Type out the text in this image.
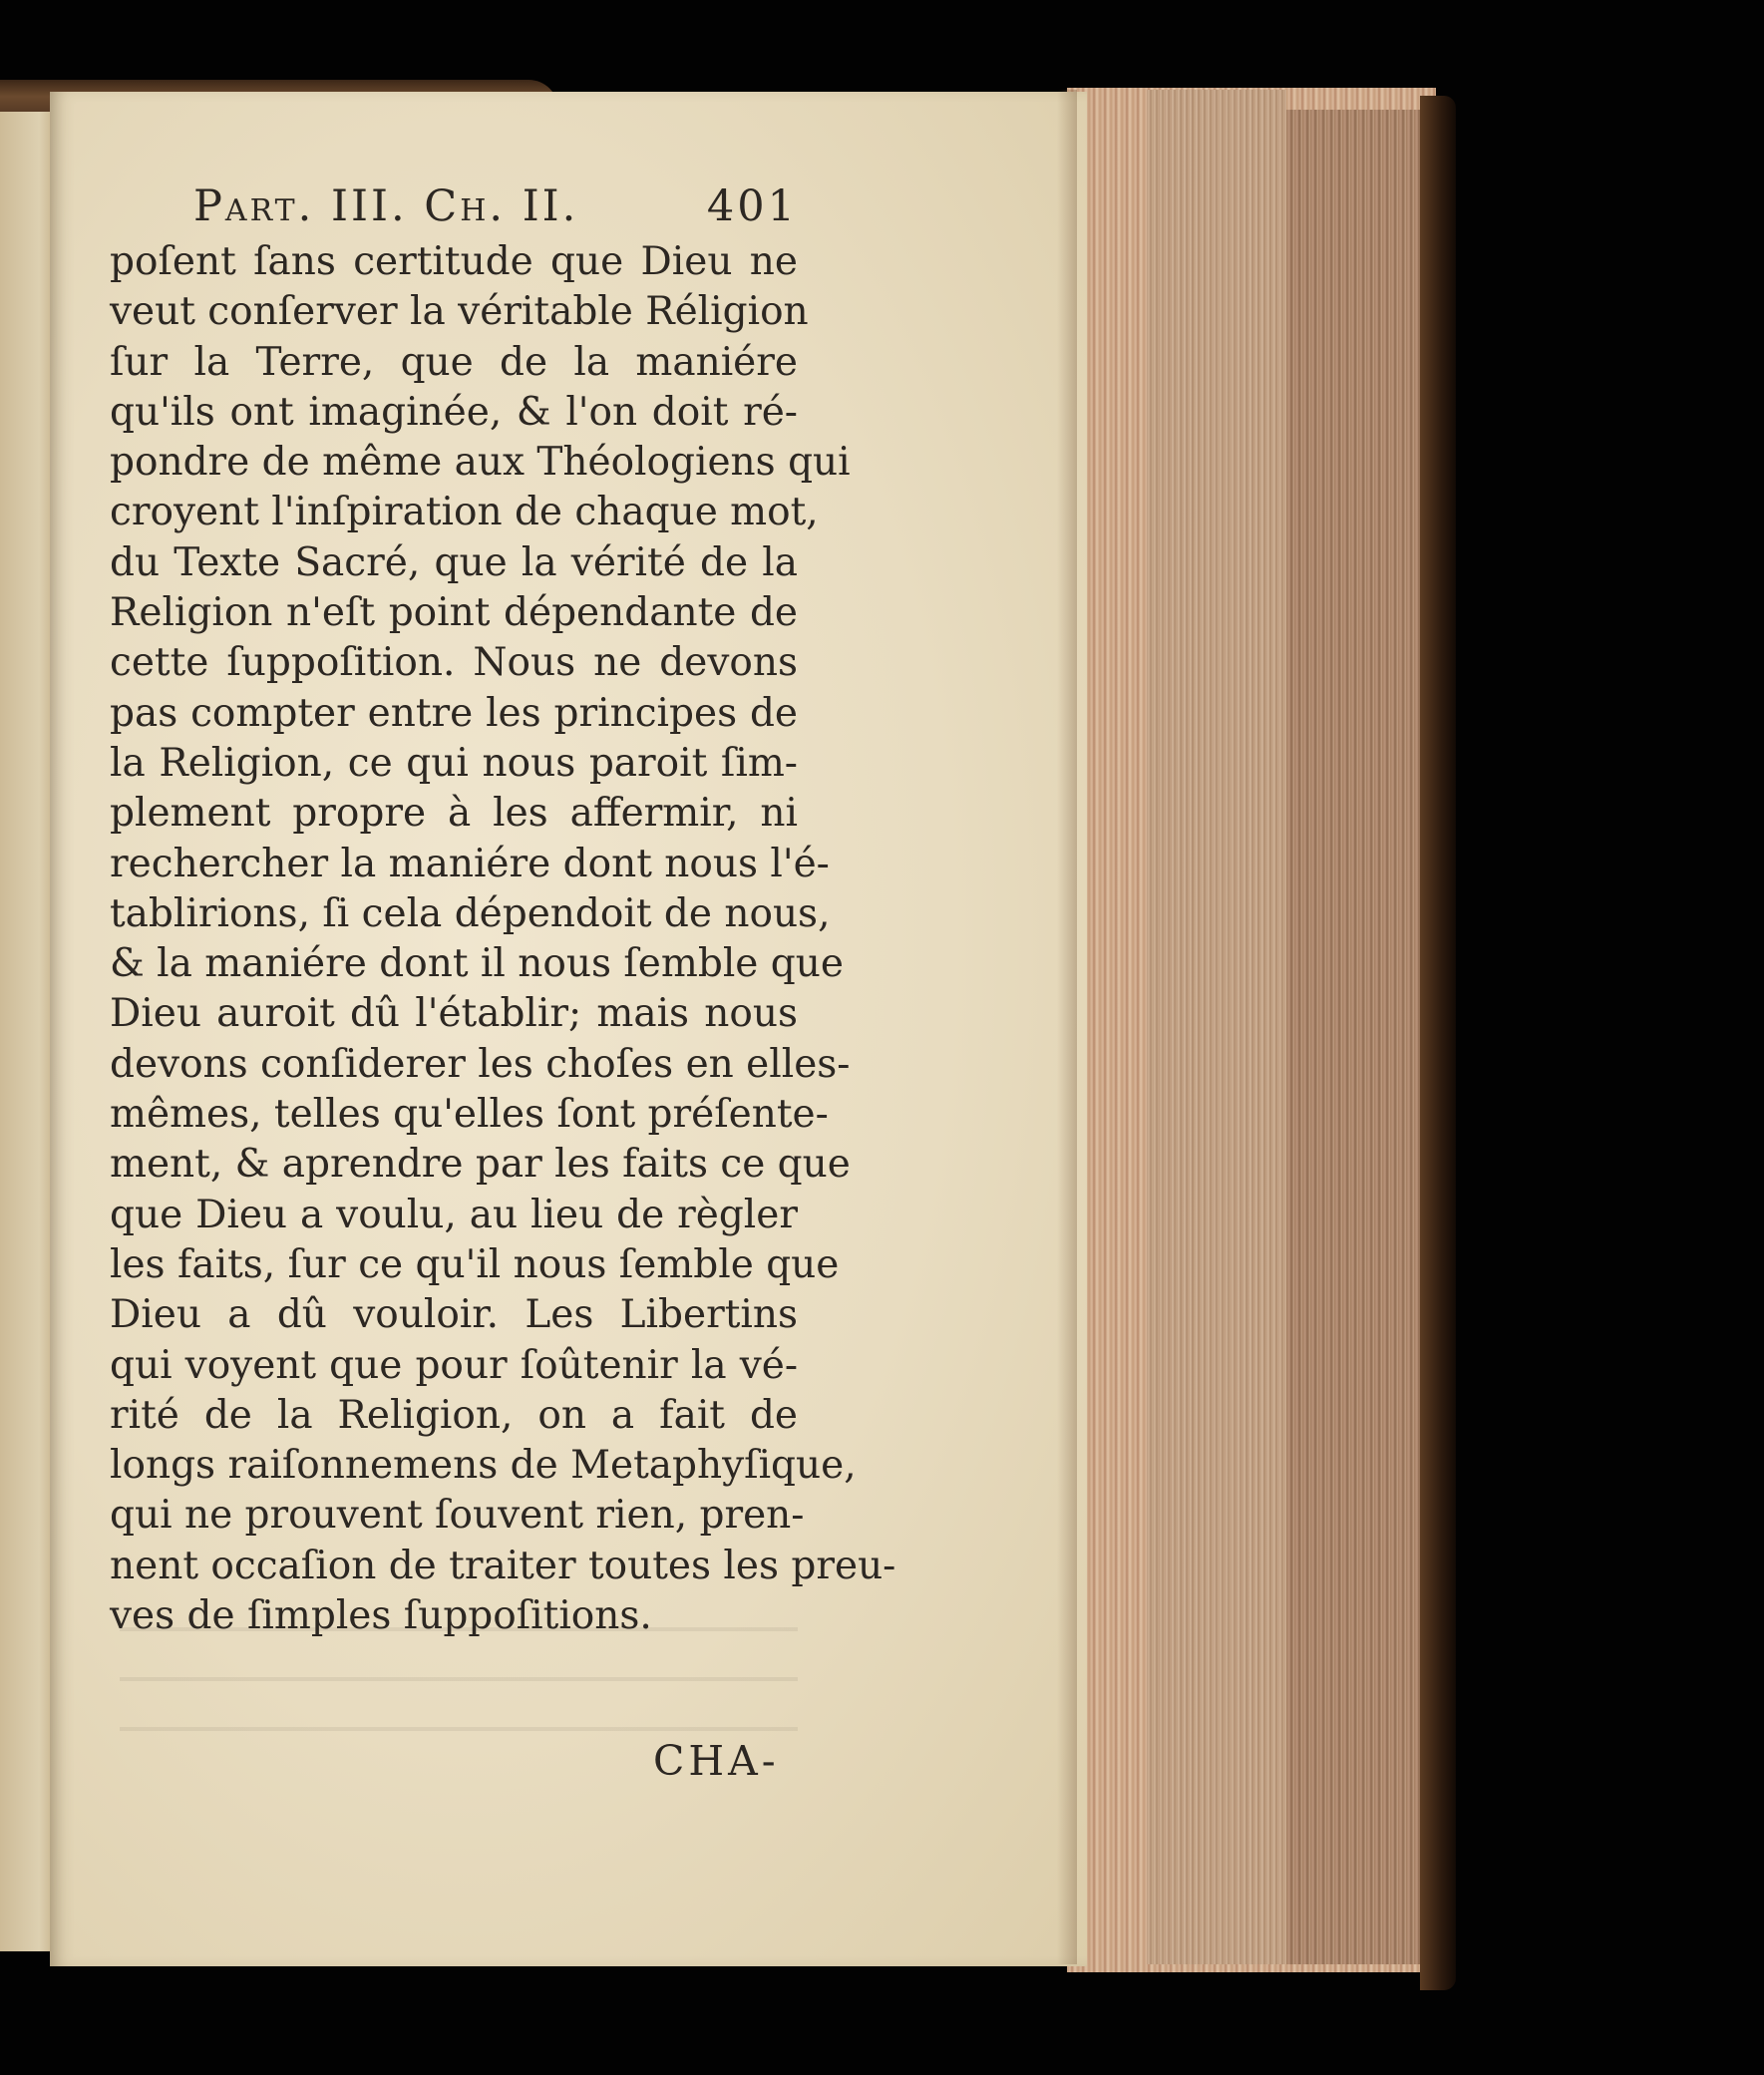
Part. III. Ch. II.	401
poſent ſans certitude que Dieu ne
veut conſerver la véritable Réligion
ſur la Terre, que de la maniére
qu'ils ont imaginée, & l'on doit ré-
pondre de même aux Théologiens qui
croyent l'inſpiration de chaque mot,
du Texte Sacré, que la vérité de la
Religion n'eſt point dépendante de
cette ſuppoſition. Nous ne devons
pas compter entre les principes de
la Religion, ce qui nous paroit ſim-
plement propre à les affermir, ni
rechercher la maniére dont nous l'é-
tablirions, ſi cela dépendoit de nous,
& la maniére dont il nous ſemble que
Dieu auroit dû l'établir; mais nous
devons conſiderer les choſes en elles-
mêmes, telles qu'elles ſont préſente-
ment, & aprendre par les faits ce que
que Dieu a voulu, au lieu de règler
les faits, ſur ce qu'il nous ſemble que
Dieu a dû vouloir. Les Libertins
qui voyent que pour ſoûtenir la vé-
rité de la Religion, on a fait de
longs raiſonnemens de Metaphyſique,
qui ne prouvent ſouvent rien, pren-
nent occaſion de traiter toutes les preu-
ves de ſimples ſuppoſitions.
CHA-
